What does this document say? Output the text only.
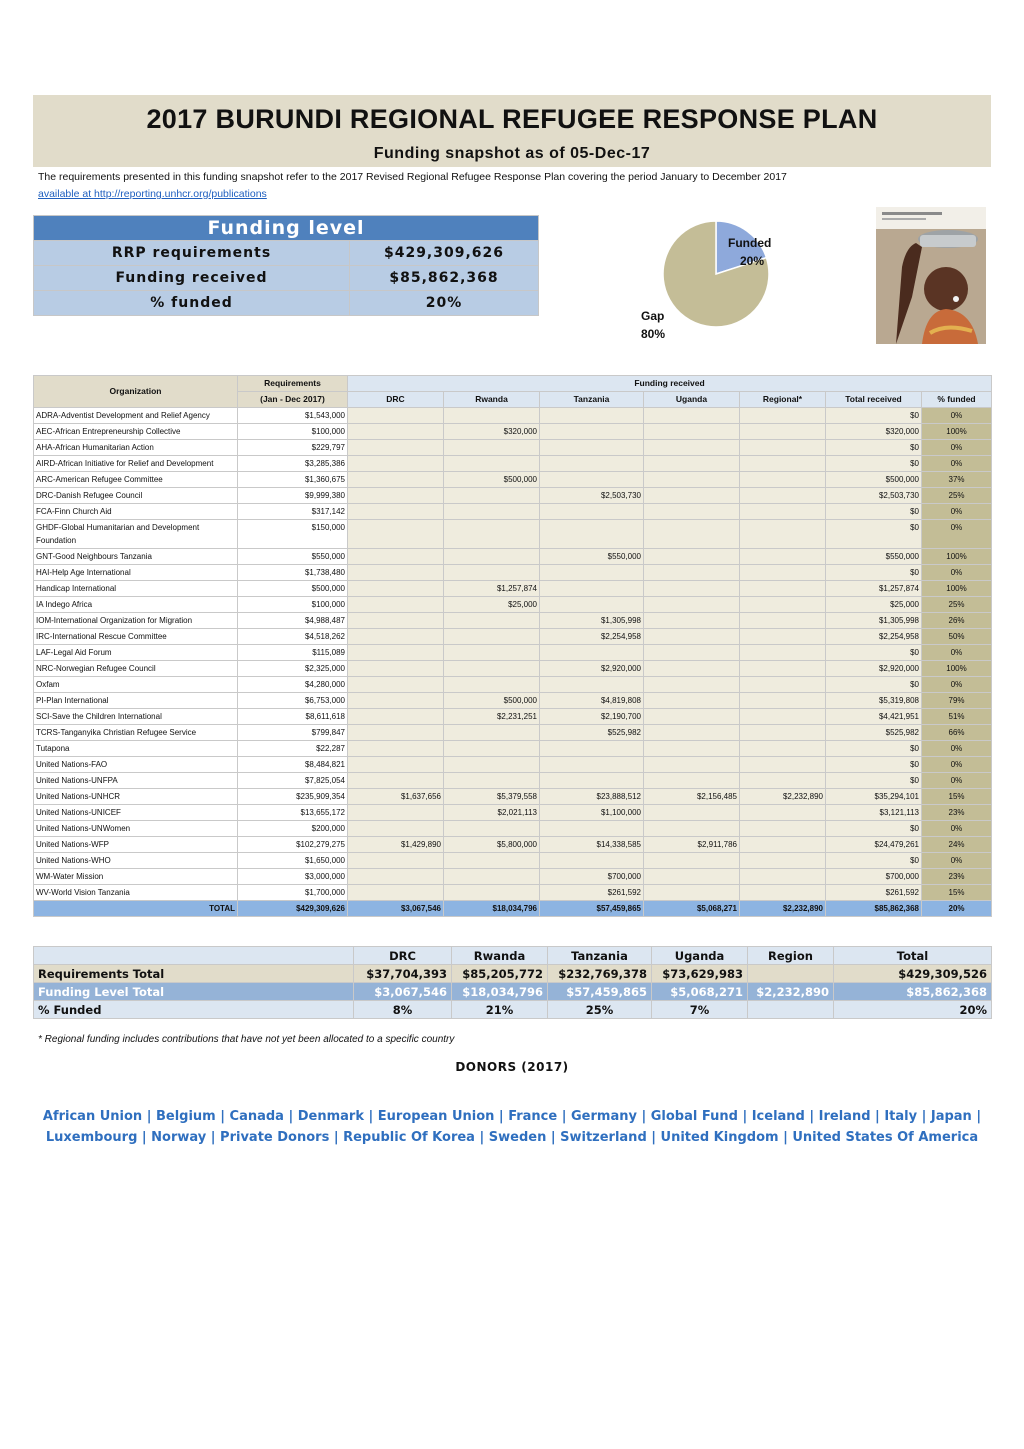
2017 BURUNDI REGIONAL REFUGEE RESPONSE PLAN
Funding snapshot as of 05-Dec-17
The requirements presented in this funding snapshot refer to the 2017 Revised Regional Refugee Response Plan covering the period January to December 2017
available at http://reporting.unhcr.org/publications
Funding level	
RRP requirements	$429,309,626
Funding received	$85,862,368
% funded	20%
Funded
20%
Gap
80%
Organization	Requirements	Funding received						
	(Jan - Dec 2017)	DRC	Rwanda	Tanzania	Uganda	Regional*	Total received	% funded
ADRA-Adventist Development and Relief Agency	$1,543,000						$0	0%
AEC-African Entrepreneurship Collective	$100,000		$320,000				$320,000	100%
AHA-African Humanitarian Action	$229,797						$0	0%
AIRD-African Initiative for Relief and Development	$3,285,386						$0	0%
ARC-American Refugee Committee	$1,360,675		$500,000				$500,000	37%
DRC-Danish Refugee Council	$9,999,380			$2,503,730			$2,503,730	25%
FCA-Finn Church Aid	$317,142						$0	0%
GHDF-Global Humanitarian and Development Foundation	$150,000						$0	0%
GNT-Good Neighbours Tanzania	$550,000			$550,000			$550,000	100%
HAI-Help Age International	$1,738,480						$0	0%
Handicap International	$500,000		$1,257,874				$1,257,874	100%
IA Indego Africa	$100,000		$25,000				$25,000	25%
IOM-International Organization for Migration	$4,988,487			$1,305,998			$1,305,998	26%
IRC-International Rescue Committee	$4,518,262			$2,254,958			$2,254,958	50%
LAF-Legal Aid Forum	$115,089						$0	0%
NRC-Norwegian Refugee Council	$2,325,000			$2,920,000			$2,920,000	100%
Oxfam	$4,280,000						$0	0%
PI-Plan International	$6,753,000		$500,000	$4,819,808			$5,319,808	79%
SCI-Save the Children International	$8,611,618		$2,231,251	$2,190,700			$4,421,951	51%
TCRS-Tanganyika Christian Refugee Service	$799,847			$525,982			$525,982	66%
Tutapona	$22,287						$0	0%
United Nations-FAO	$8,484,821						$0	0%
United Nations-UNFPA	$7,825,054						$0	0%
United Nations-UNHCR	$235,909,354	$1,637,656	$5,379,558	$23,888,512	$2,156,485	$2,232,890	$35,294,101	15%
United Nations-UNICEF	$13,655,172		$2,021,113	$1,100,000			$3,121,113	23%
United Nations-UNWomen	$200,000						$0	0%
United Nations-WFP	$102,279,275	$1,429,890	$5,800,000	$14,338,585	$2,911,786		$24,479,261	24%
United Nations-WHO	$1,650,000						$0	0%
WM-Water Mission	$3,000,000			$700,000			$700,000	23%
WV-World Vision Tanzania	$1,700,000			$261,592			$261,592	15%
TOTAL	$429,309,626	$3,067,546	$18,034,796	$57,459,865	$5,068,271	$2,232,890	$85,862,368	20%
	DRC	Rwanda	Tanzania	Uganda	Region	Total
Requirements Total	$37,704,393	$85,205,772	$232,769,378	$73,629,983		$429,309,526
Funding Level Total	$3,067,546	$18,034,796	$57,459,865	$5,068,271	$2,232,890	$85,862,368
% Funded	8%	21%	25%	7%		20%
* Regional funding includes contributions that have not yet been allocated to a specific country
DONORS (2017)
African Union | Belgium | Canada | Denmark | European Union | France | Germany | Global Fund | Iceland | Ireland | Italy | Japan | Luxembourg | Norway | Private Donors | Republic Of Korea | Sweden | Switzerland | United Kingdom | United States Of America
